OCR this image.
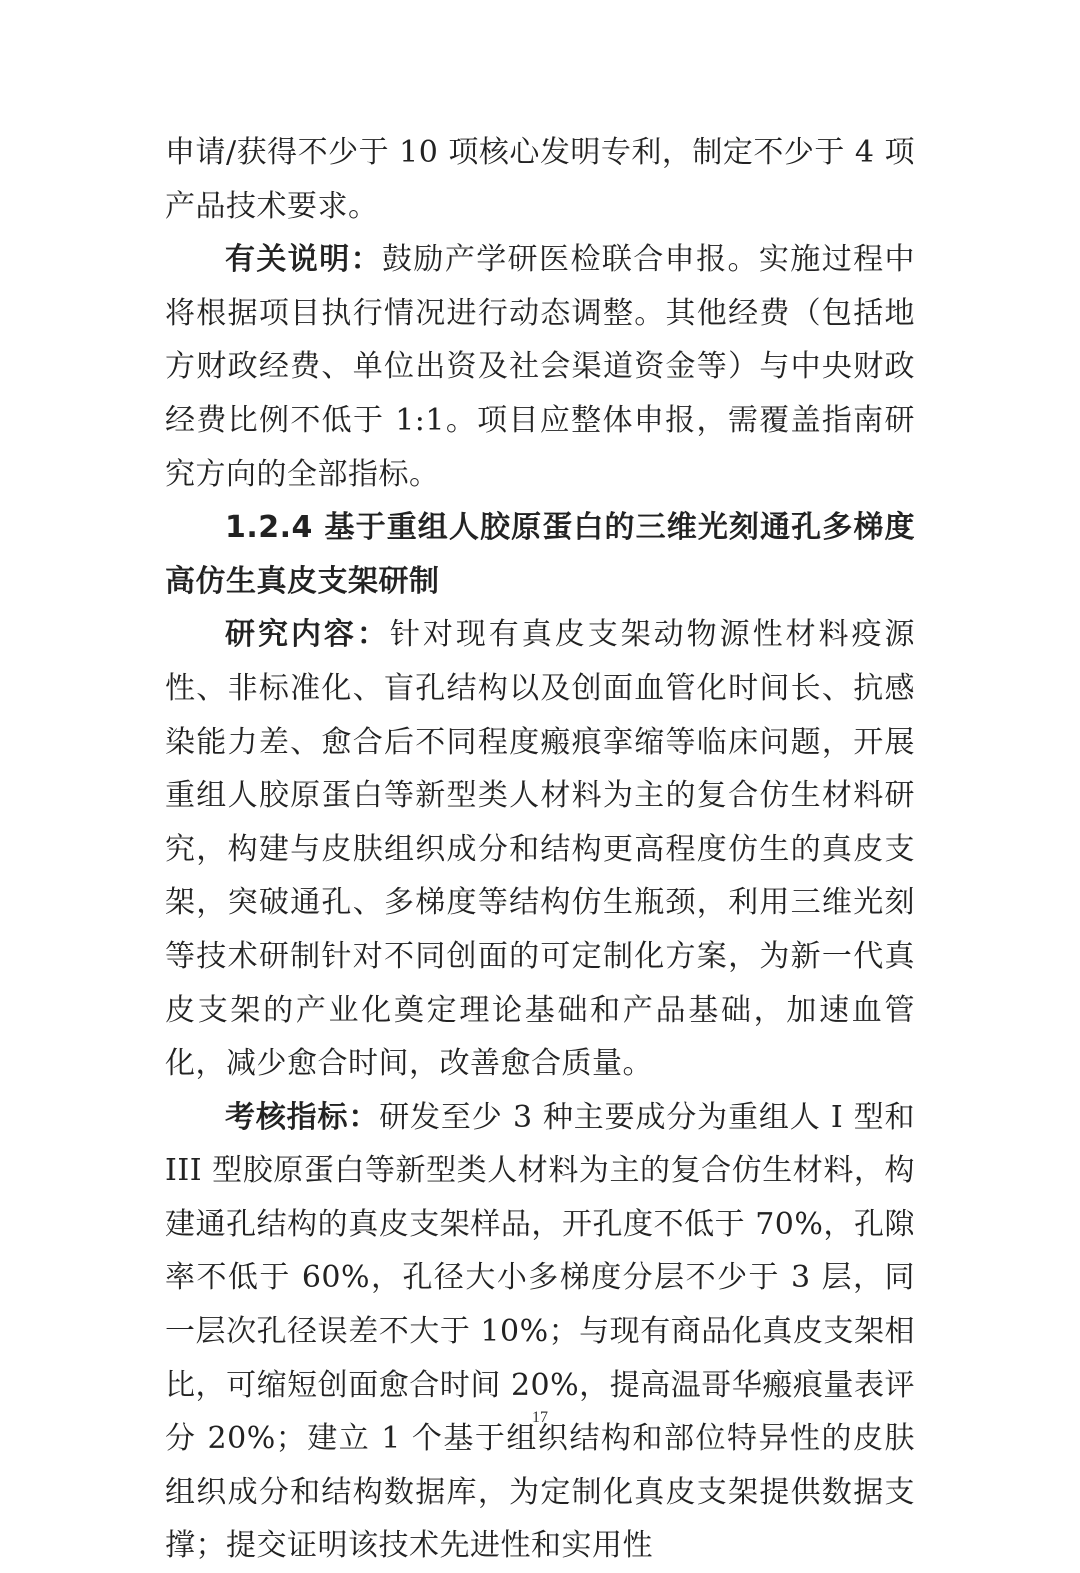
申请/获得不少于 10 项核心发明专利，制定不少于 4 项产品技术要求。

有关说明：鼓励产学研医检联合申报。实施过程中将根据项目执行情况进行动态调整。其他经费（包括地方财政经费、单位出资及社会渠道资金等）与中央财政经费比例不低于 1:1。项目应整体申报，需覆盖指南研究方向的全部指标。

1.2.4 基于重组人胶原蛋白的三维光刻通孔多梯度高仿生真皮支架研制

研究内容：针对现有真皮支架动物源性材料疫源性、非标准化、盲孔结构以及创面血管化时间长、抗感染能力差、愈合后不同程度瘢痕挛缩等临床问题，开展重组人胶原蛋白等新型类人材料为主的复合仿生材料研究，构建与皮肤组织成分和结构更高程度仿生的真皮支架，突破通孔、多梯度等结构仿生瓶颈，利用三维光刻等技术研制针对不同创面的可定制化方案，为新一代真皮支架的产业化奠定理论基础和产品基础，加速血管化，减少愈合时间，改善愈合质量。

考核指标：研发至少 3 种主要成分为重组人 I 型和 III 型胶原蛋白等新型类人材料为主的复合仿生材料，构建通孔结构的真皮支架样品，开孔度不低于 70%，孔隙率不低于 60%，孔径大小多梯度分层不少于 3 层，同一层次孔径误差不大于 10%；与现有商品化真皮支架相比，可缩短创面愈合时间 20%，提高温哥华瘢痕量表评分 20%；建立 1 个基于组织结构和部位特异性的皮肤组织成分和结构数据库，为定制化真皮支架提供数据支撑；提交证明该技术先进性和实用性

17
